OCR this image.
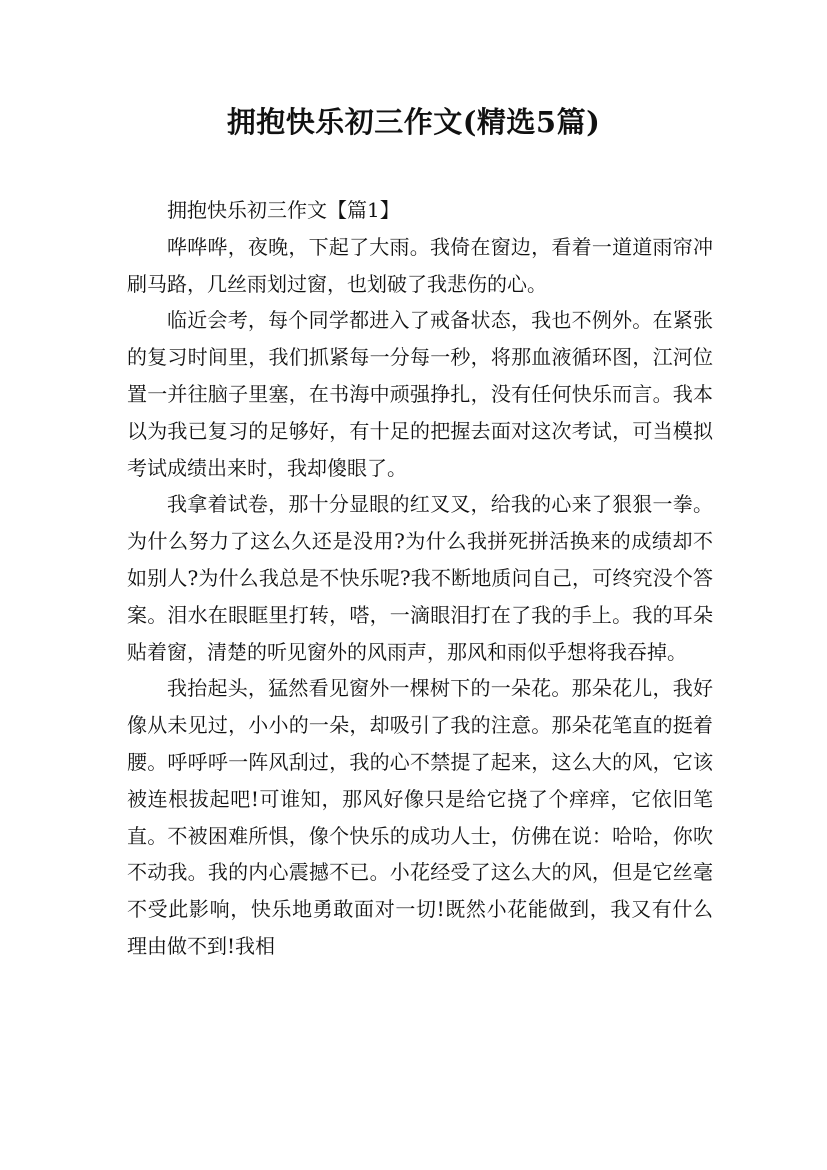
拥抱快乐初三作文(精选5篇)

拥抱快乐初三作文【篇1】

哗哗哗，夜晚，下起了大雨。我倚在窗边，看着一道道雨帘冲刷马路，几丝雨划过窗，也划破了我悲伤的心。

临近会考，每个同学都进入了戒备状态，我也不例外。在紧张的复习时间里，我们抓紧每一分每一秒，将那血液循环图，江河位置一并往脑子里塞，在书海中顽强挣扎，没有任何快乐而言。我本以为我已复习的足够好，有十足的把握去面对这次考试，可当模拟考试成绩出来时，我却傻眼了。

我拿着试卷，那十分显眼的红叉叉，给我的心来了狠狠一拳。为什么努力了这么久还是没用?为什么我拼死拼活换来的成绩却不如别人?为什么我总是不快乐呢?我不断地质问自己，可终究没个答案。泪水在眼眶里打转，嗒，一滴眼泪打在了我的手上。我的耳朵贴着窗，清楚的听见窗外的风雨声，那风和雨似乎想将我吞掉。

我抬起头，猛然看见窗外一棵树下的一朵花。那朵花儿，我好像从未见过，小小的一朵，却吸引了我的注意。那朵花笔直的挺着腰。呼呼呼一阵风刮过，我的心不禁提了起来，这么大的风，它该被连根拔起吧!可谁知，那风好像只是给它挠了个痒痒，它依旧笔直。不被困难所惧，像个快乐的成功人士，仿佛在说：哈哈，你吹不动我。我的内心震撼不已。小花经受了这么大的风，但是它丝毫不受此影响，快乐地勇敢面对一切!既然小花能做到，我又有什么理由做不到!我相
